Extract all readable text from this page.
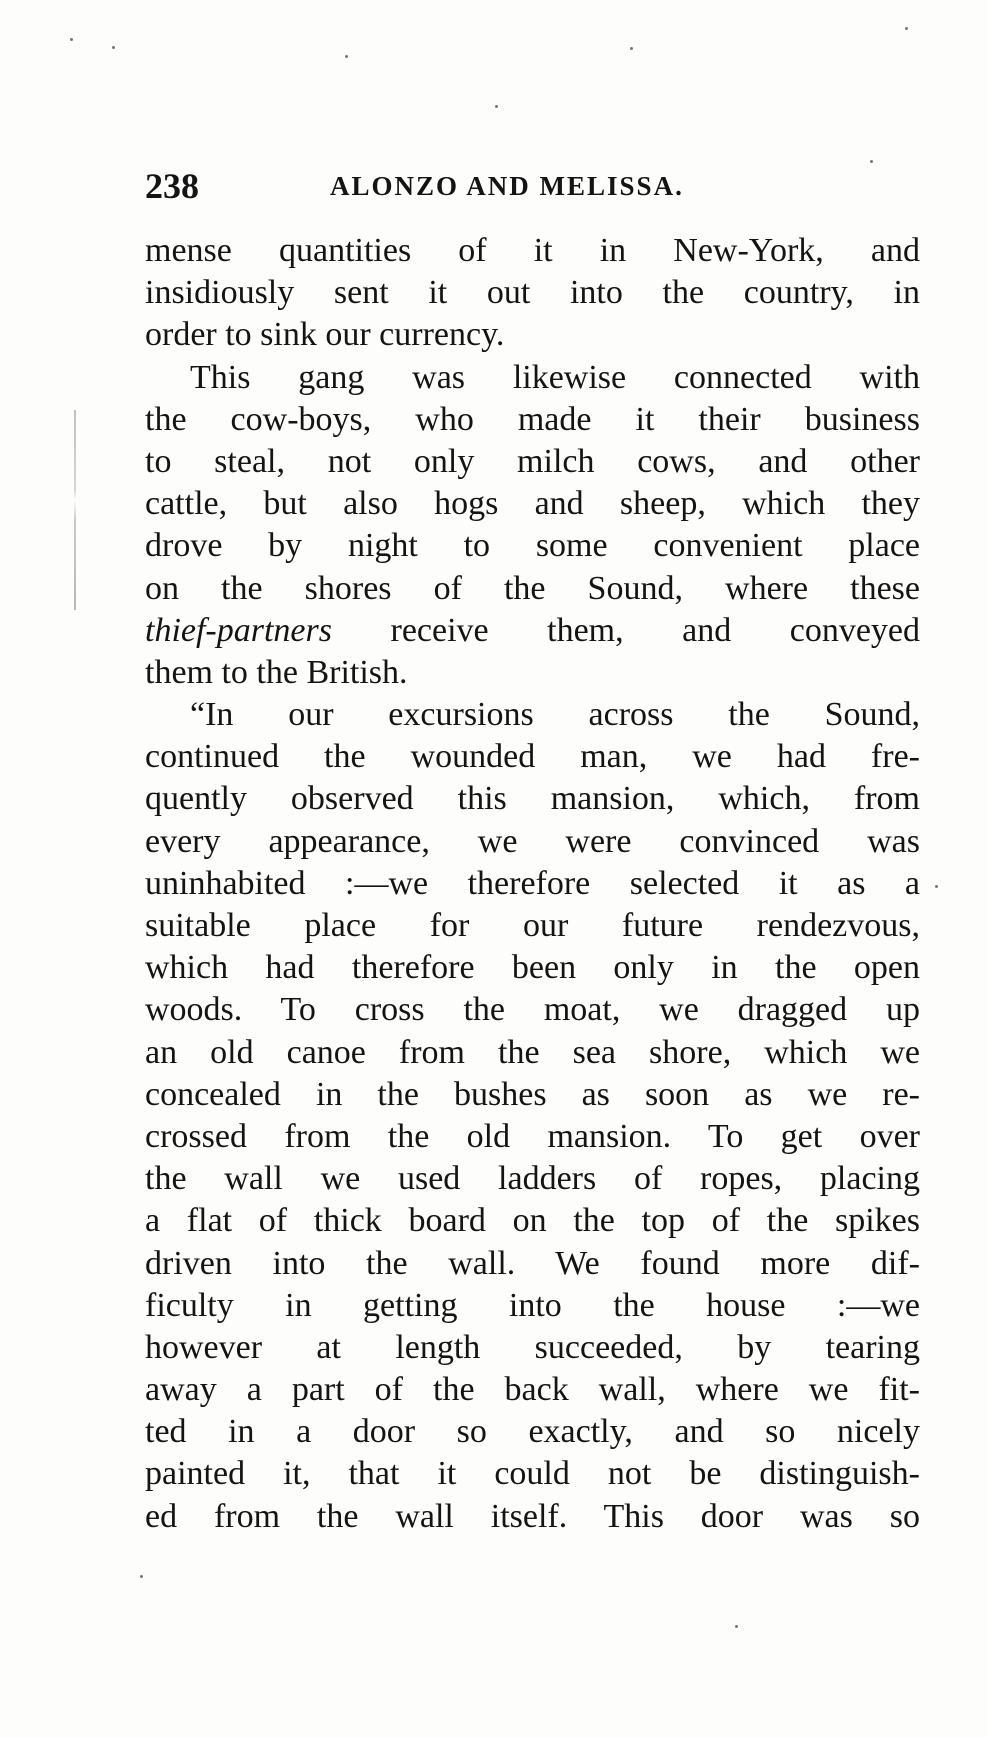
238	ALONZO AND MELISSA.
mense quantities of it in New-York, and
insidiously sent it out into the country, in
order to sink our currency.
This gang was likewise connected with
the cow-boys, who made it their business
to steal, not only milch cows, and other
cattle, but also hogs and sheep, which they
drove by night to some convenient place
on the shores of the Sound, where these
thief-partners receive them, and conveyed
them to the British.
“In our excursions across the Sound,
continued the wounded man, we had fre-
quently observed this mansion, which, from
every appearance, we were convinced was
uninhabited :—we therefore selected it as a
suitable place for our future rendezvous,
which had therefore been only in the open
woods. To cross the moat, we dragged up
an old canoe from the sea shore, which we
concealed in the bushes as soon as we re-
crossed from the old mansion. To get over
the wall we used ladders of ropes, placing
a flat of thick board on the top of the spikes
driven into the wall. We found more dif-
ficulty in getting into the house :—we
however at length succeeded, by tearing
away a part of the back wall, where we fit-
ted in a door so exactly, and so nicely
painted it, that it could not be distinguish-
ed from the wall itself. This door was so
